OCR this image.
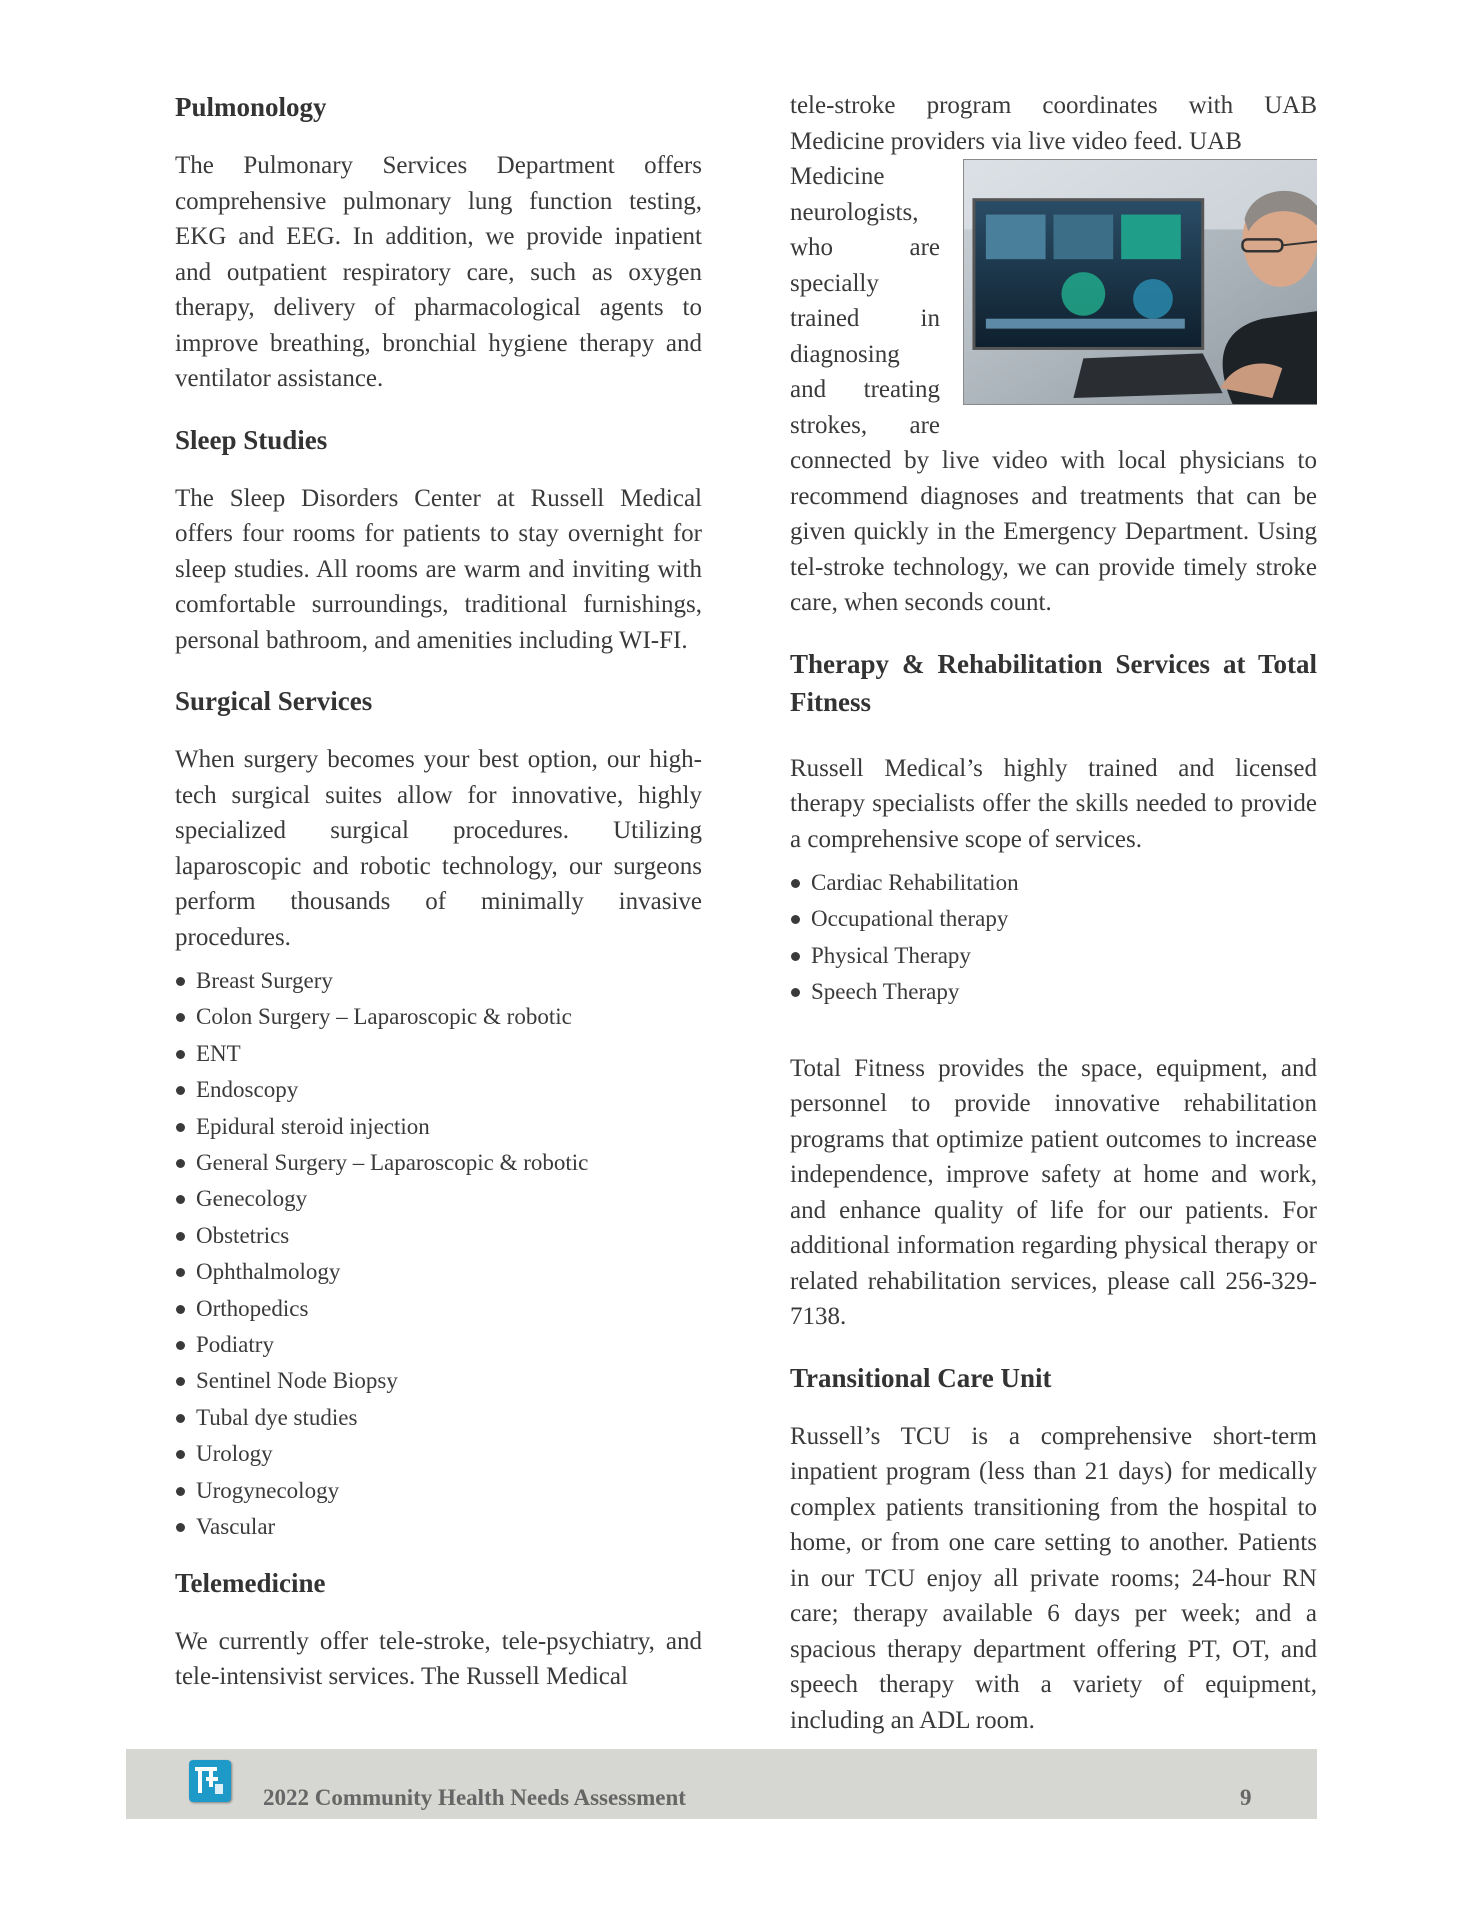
Pulmonology

The Pulmonary Services Department offers comprehensive pulmonary lung function testing, EKG and EEG. In addition, we provide inpatient and outpatient respiratory care, such as oxygen therapy, delivery of pharmacological agents to improve breathing, bronchial hygiene therapy and ventilator assistance.

Sleep Studies

The Sleep Disorders Center at Russell Medical offers four rooms for patients to stay overnight for sleep studies. All rooms are warm and inviting with comfortable surroundings, traditional furnishings, personal bathroom, and amenities including WI-FI.

Surgical Services

When surgery becomes your best option, our high-tech surgical suites allow for innovative, highly specialized surgical procedures. Utilizing laparoscopic and robotic technology, our surgeons perform thousands of minimally invasive procedures.

Breast Surgery
Colon Surgery – Laparoscopic & robotic
ENT
Endoscopy
Epidural steroid injection
General Surgery – Laparoscopic & robotic
Genecology
Obstetrics
Ophthalmology
Orthopedics
Podiatry
Sentinel Node Biopsy
Tubal dye studies
Urology
Urogynecology
Vascular
Telemedicine

We currently offer tele-stroke, tele-psychiatry, and tele-intensivist services. The Russell Medical

tele-stroke program coordinates with UAB Medicine providers via live video feed. UAB

Medicine

neurologists,

who are

specially

trained in

diagnosing

and treating

strokes, are

connected by live video with local physicians to recommend diagnoses and treatments that can be given quickly in the Emergency Department. Using tel-stroke technology, we can provide timely stroke care, when seconds count.

Therapy & Rehabilitation Services at Total Fitness

Russell Medical’s highly trained and licensed therapy specialists offer the skills needed to provide a comprehensive scope of services.

Cardiac Rehabilitation
Occupational therapy
Physical Therapy
Speech Therapy

Total Fitness provides the space, equipment, and personnel to provide innovative rehabilitation programs that optimize patient outcomes to increase independence, improve safety at home and work, and enhance quality of life for our patients. For additional information regarding physical therapy or related rehabilitation services, please call 256-329-7138.

Transitional Care Unit

Russell’s TCU is a comprehensive short-term inpatient program (less than 21 days) for medically complex patients transitioning from the hospital to home, or from one care setting to another. Patients in our TCU enjoy all private rooms; 24-hour RN care; therapy available 6 days per week; and a spacious therapy department offering PT, OT, and speech therapy with a variety of equipment, including an ADL room.

2022 Community Health Needs Assessment	9
